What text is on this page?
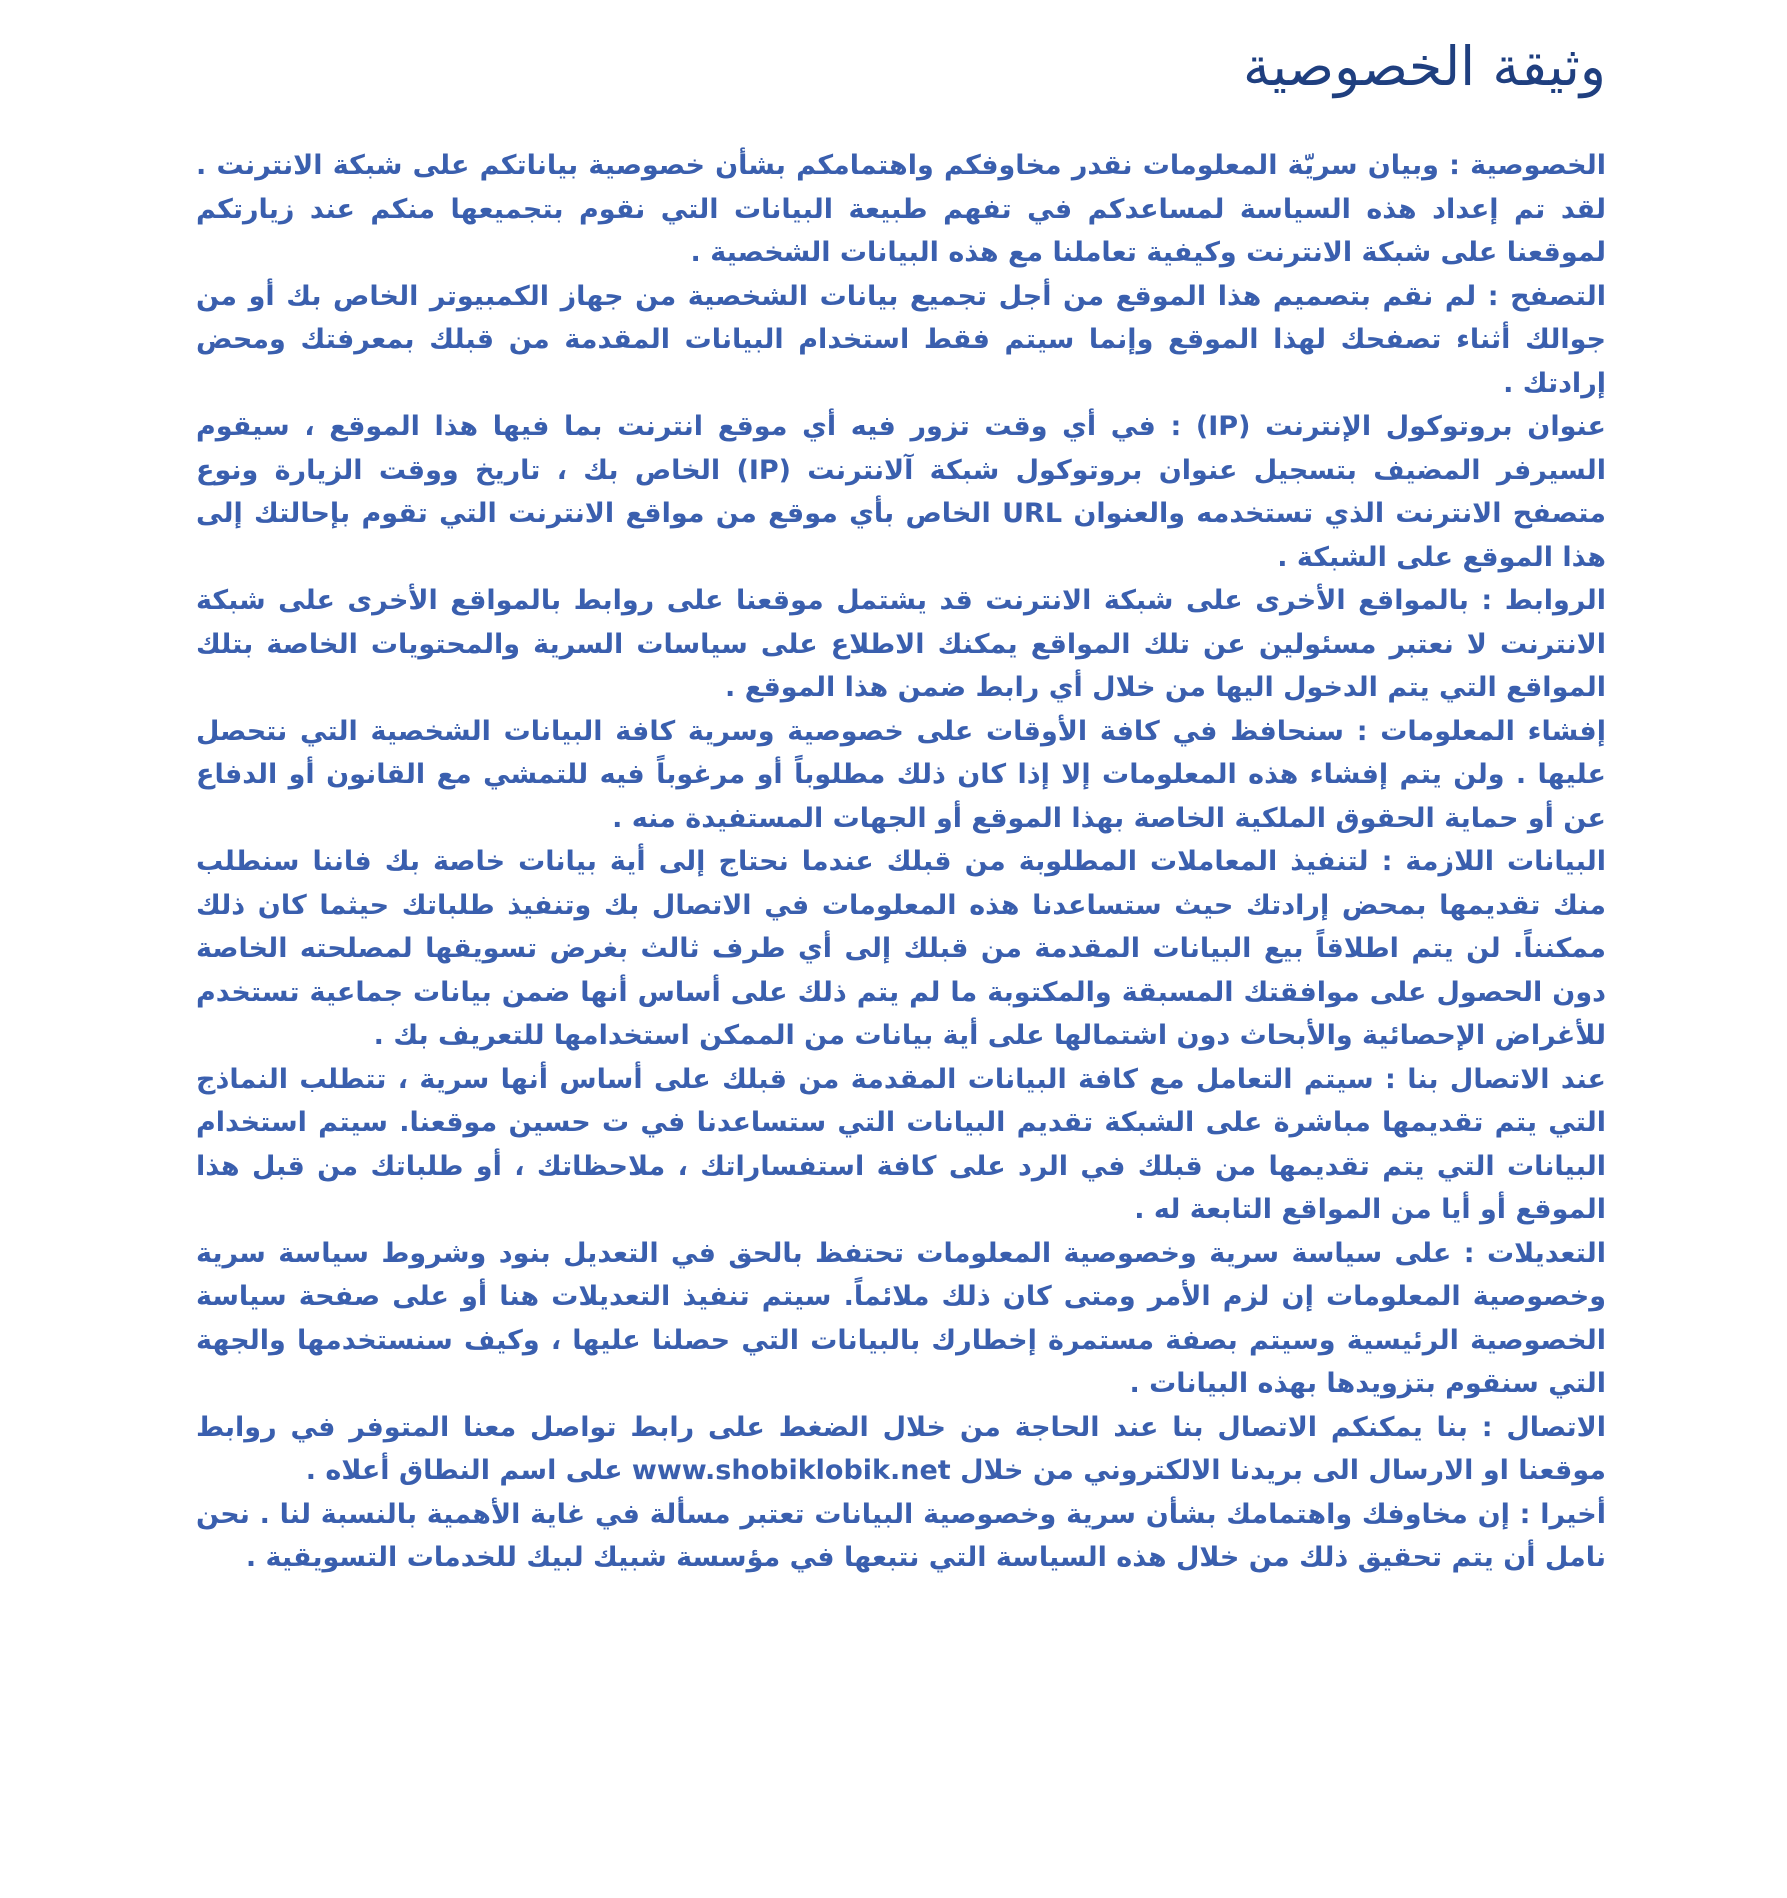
وثيقة الخصوصية

الخصوصية : وبيان سريّة المعلومات نقدر مخاوفكم واهتمامكم بشأن خصوصية بياناتكم على شبكة الانترنت . لقد تم إعداد هذه السياسة لمساعدكم في تفهم طبيعة البيانات التي نقوم بتجميعها منكم عند زيارتكم لموقعنا على شبكة الانترنت وكيفية تعاملنا مع هذه البيانات الشخصية .

التصفح : لم نقم بتصميم هذا الموقع من أجل تجميع بيانات الشخصية من جهاز الكمبيوتر الخاص بك أو من جوالك أثناء تصفحك لهذا الموقع وإنما سيتم فقط استخدام البيانات المقدمة من قبلك بمعرفتك ومحض إرادتك .

عنوان بروتوكول الإنترنت (IP) : في أي وقت تزور فيه أي موقع انترنت بما فيها هذا الموقع ، سيقوم السيرفر المضيف بتسجيل عنوان بروتوكول شبكة آلانترنت (IP) الخاص بك ، تاريخ ووقت الزيارة ونوع متصفح الانترنت الذي تستخدمه والعنوان URL الخاص بأي موقع من مواقع الانترنت التي تقوم بإحالتك إلى هذا الموقع على الشبكة .

الروابط : بالمواقع الأخرى على شبكة الانترنت قد يشتمل موقعنا على روابط بالمواقع الأخرى على شبكة الانترنت لا نعتبر مسئولين عن تلك المواقع يمكنك الاطلاع على سياسات السرية والمحتويات الخاصة بتلك المواقع التي يتم الدخول اليها من خلال أي رابط ضمن هذا الموقع .

إفشاء المعلومات : سنحافظ في كافة الأوقات على خصوصية وسرية كافة البيانات الشخصية التي نتحصل عليها . ولن يتم إفشاء هذه المعلومات إلا إذا كان ذلك مطلوباً أو مرغوباً فيه للتمشي مع القانون أو الدفاع عن أو حماية الحقوق الملكية الخاصة بهذا الموقع أو الجهات المستفيدة منه .

البيانات اللازمة : لتنفيذ المعاملات المطلوبة من قبلك عندما نحتاج إلى أية بيانات خاصة بك فاننا سنطلب منك تقديمها بمحض إرادتك حيث ستساعدنا هذه المعلومات في الاتصال بك وتنفيذ طلباتك حيثما كان ذلك ممكنناً. لن يتم اطلاقاً بيع البيانات المقدمة من قبلك إلى أي طرف ثالث بغرض تسويقها لمصلحته الخاصة دون الحصول على موافقتك المسبقة والمكتوبة ما لم يتم ذلك على أساس أنها ضمن بيانات جماعية تستخدم للأغراض الإحصائية والأبحاث دون اشتمالها على أية بيانات من الممكن استخدامها للتعريف بك .

عند الاتصال بنا : سيتم التعامل مع كافة البيانات المقدمة من قبلك على أساس أنها سرية ، تتطلب النماذج التي يتم تقديمها مباشرة على الشبكة تقديم البيانات التي ستساعدنا في ت حسين موقعنا. سيتم استخدام البيانات التي يتم تقديمها من قبلك في الرد على كافة استفساراتك ، ملاحظاتك ، أو طلباتك من قبل هذا الموقع أو أيا من المواقع التابعة له .

التعديلات : على سياسة سرية وخصوصية المعلومات تحتفظ بالحق في التعديل بنود وشروط سياسة سرية وخصوصية المعلومات إن لزم الأمر ومتى كان ذلك ملائماً. سيتم تنفيذ التعديلات هنا أو على صفحة سياسة الخصوصية الرئيسية وسيتم بصفة مستمرة إخطارك بالبيانات التي حصلنا عليها ، وكيف سنستخدمها والجهة التي سنقوم بتزويدها بهذه البيانات .

الاتصال : بنا يمكنكم الاتصال بنا عند الحاجة من خلال الضغط على رابط تواصل معنا المتوفر في روابط موقعنا او الارسال الى بريدنا الالكتروني من خلال www.shobiklobik.net على اسم النطاق أعلاه .

أخيرا : إن مخاوفك واهتمامك بشأن سرية وخصوصية البيانات تعتبر مسألة في غاية الأهمية بالنسبة لنا . نحن نامل أن يتم تحقيق ذلك من خلال هذه السياسة التي نتبعها في مؤسسة شبيك لبيك للخدمات التسويقية .
